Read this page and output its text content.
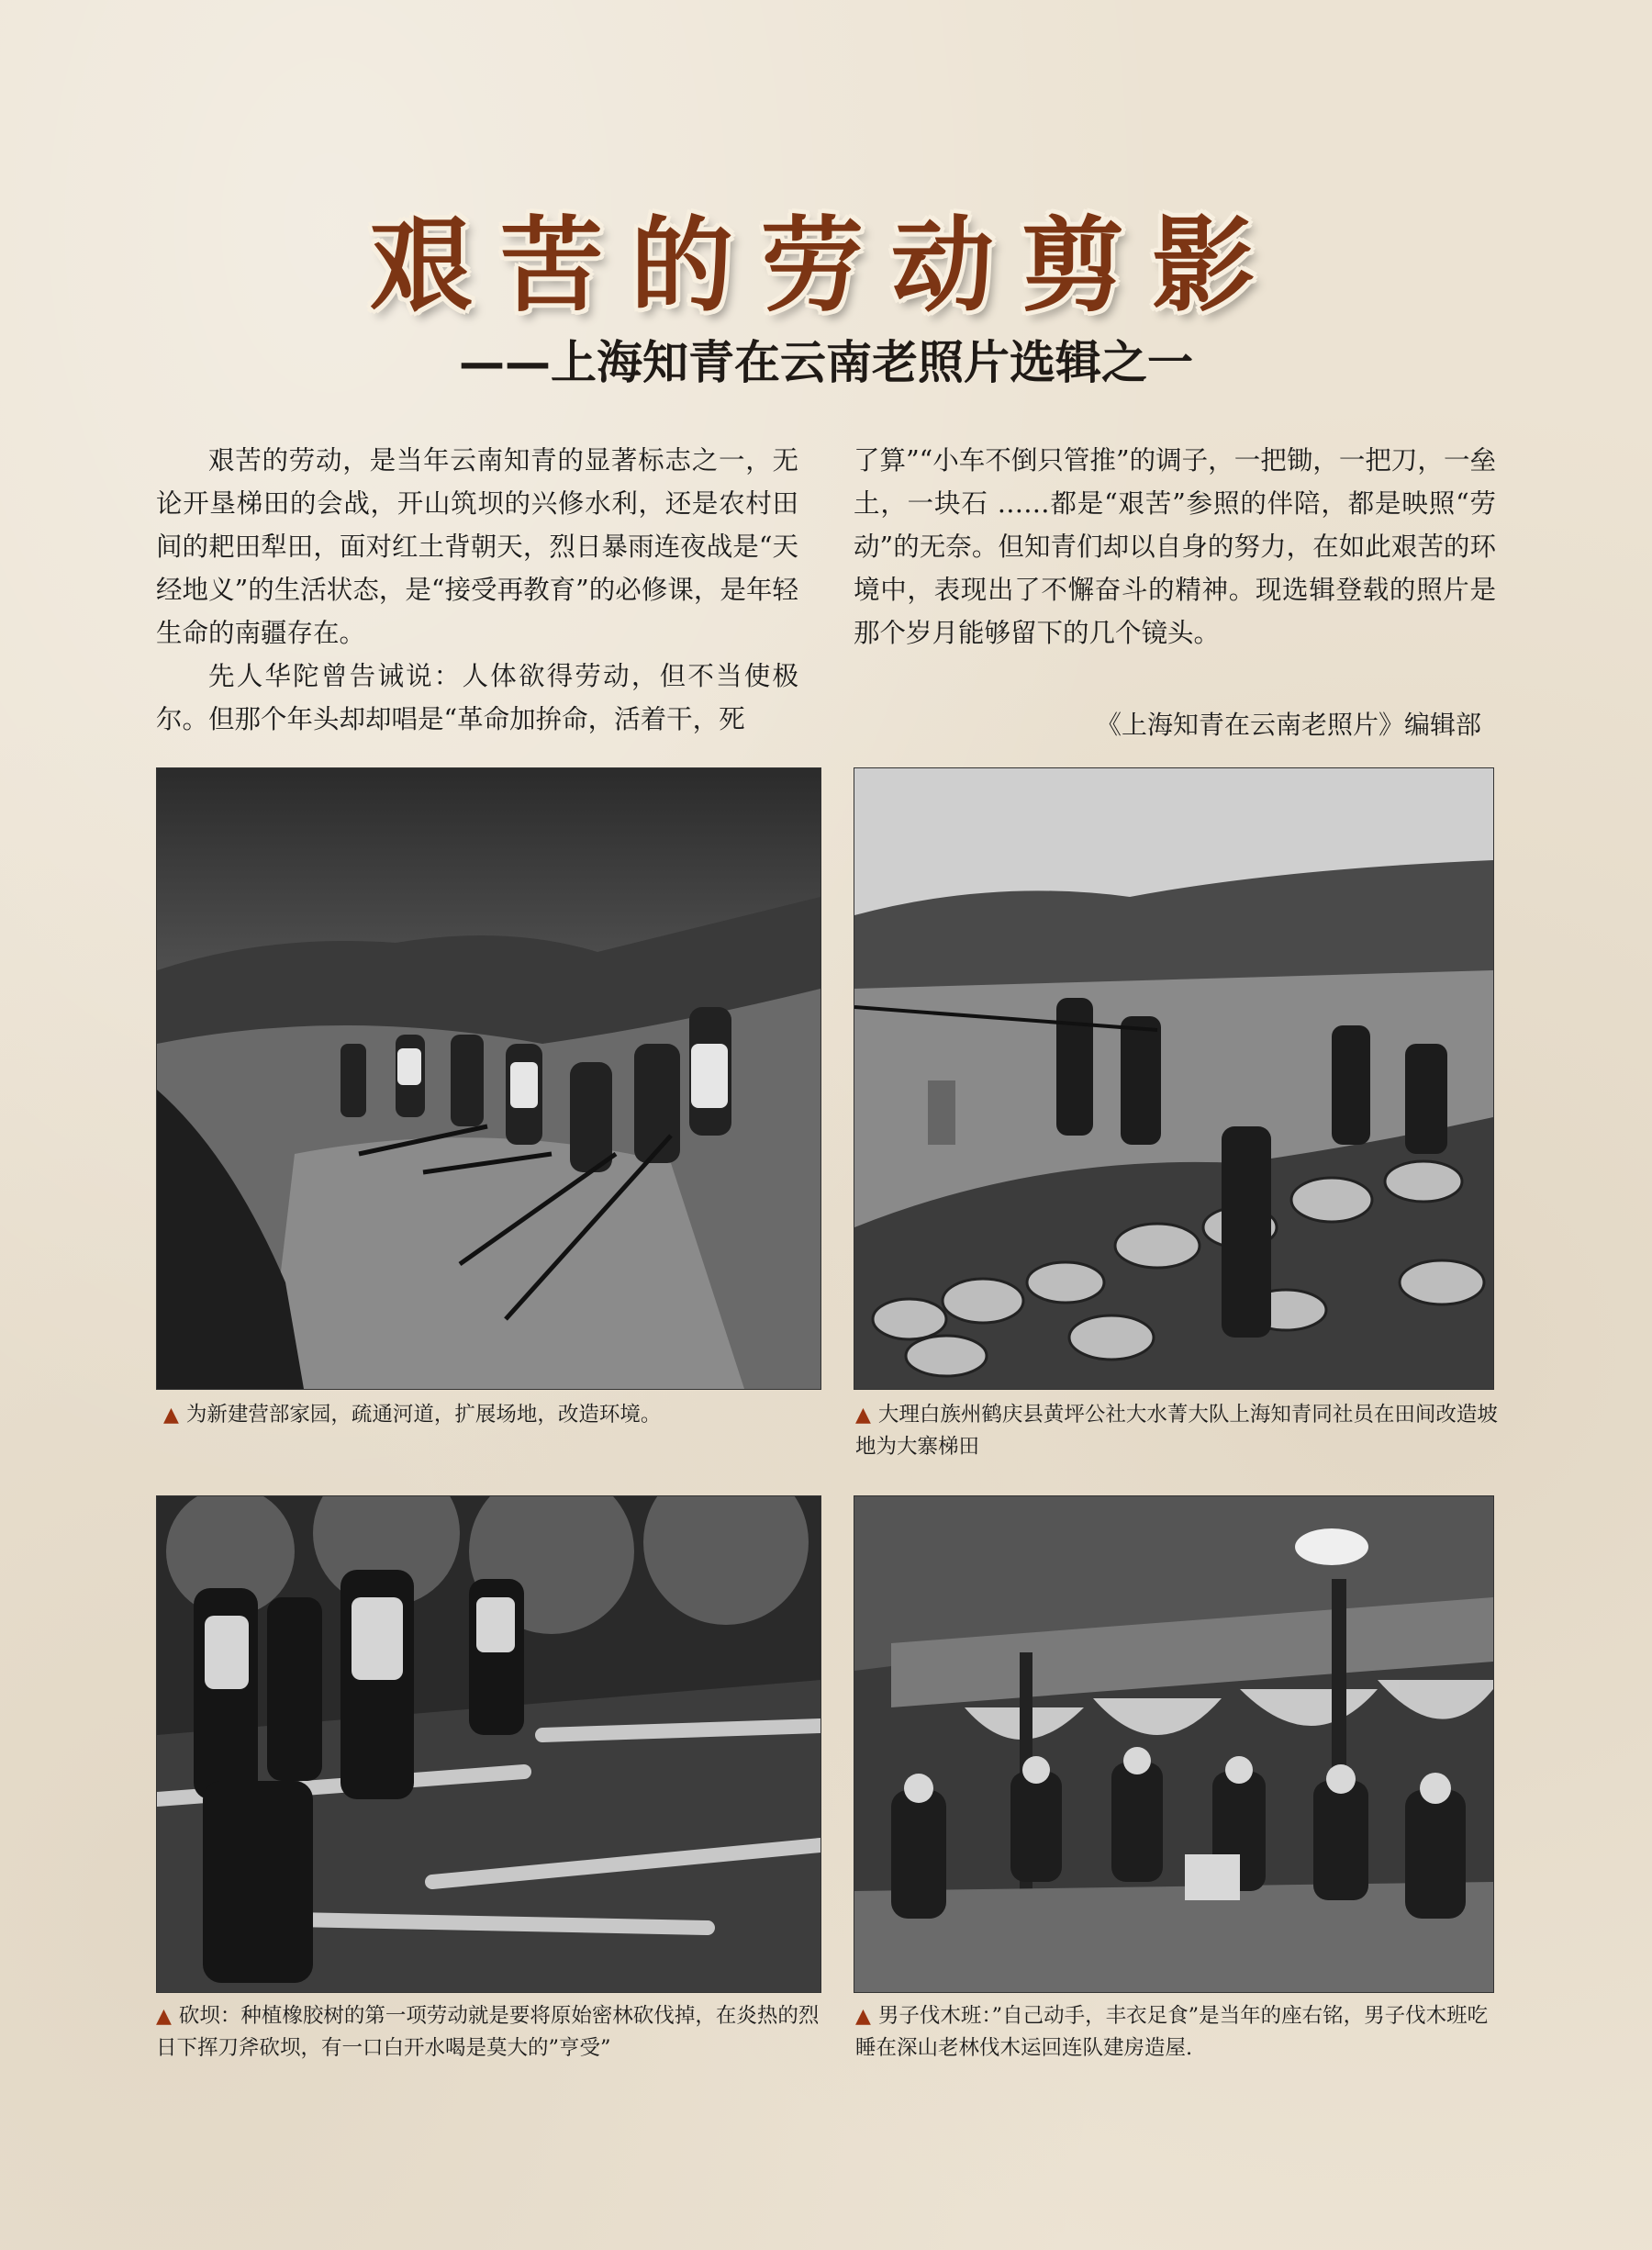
艰苦的劳动剪影
——上海知青在云南老照片选辑之一

艰苦的劳动，是当年云南知青的显著标志之一，无论开垦梯田的会战，开山筑坝的兴修水利，还是农村田间的耙田犁田，面对红土背朝天，烈日暴雨连夜战是“天经地义”的生活状态，是“接受再教育”的必修课，是年轻生命的南疆存在。

先人华陀曾告诫说：人体欲得劳动，但不当使极尔。但那个年头却却唱是“革命加拚命，活着干，死

了算”“小车不倒只管推”的调子，一把锄，一把刀，一垒土，一块石 ……都是“艰苦”参照的伴陪，都是映照“劳动”的无奈。但知青们却以自身的努力，在如此艰苦的环境中，表现出了不懈奋斗的精神。现选辑登载的照片是那个岁月能够留下的几个镜头。

《上海知青在云南老照片》编辑部
▲ 为新建营部家园，疏通河道，扩展场地，改造环境。	▲ 大理白族州鹤庆县黄坪公社大水菁大队上海知青同社员在田间改造坡地为大寨梯田
▲ 砍坝：种植橡胶树的第一项劳动就是要将原始密林砍伐掉，在炎热的烈日下挥刀斧砍坝，有一口白开水喝是莫大的”亨受”
▲ 男子伐木班：”自己动手，丰衣足食”是当年的座右铭，男子伐木班吃睡在深山老林伐木运回连队建房造屋.
